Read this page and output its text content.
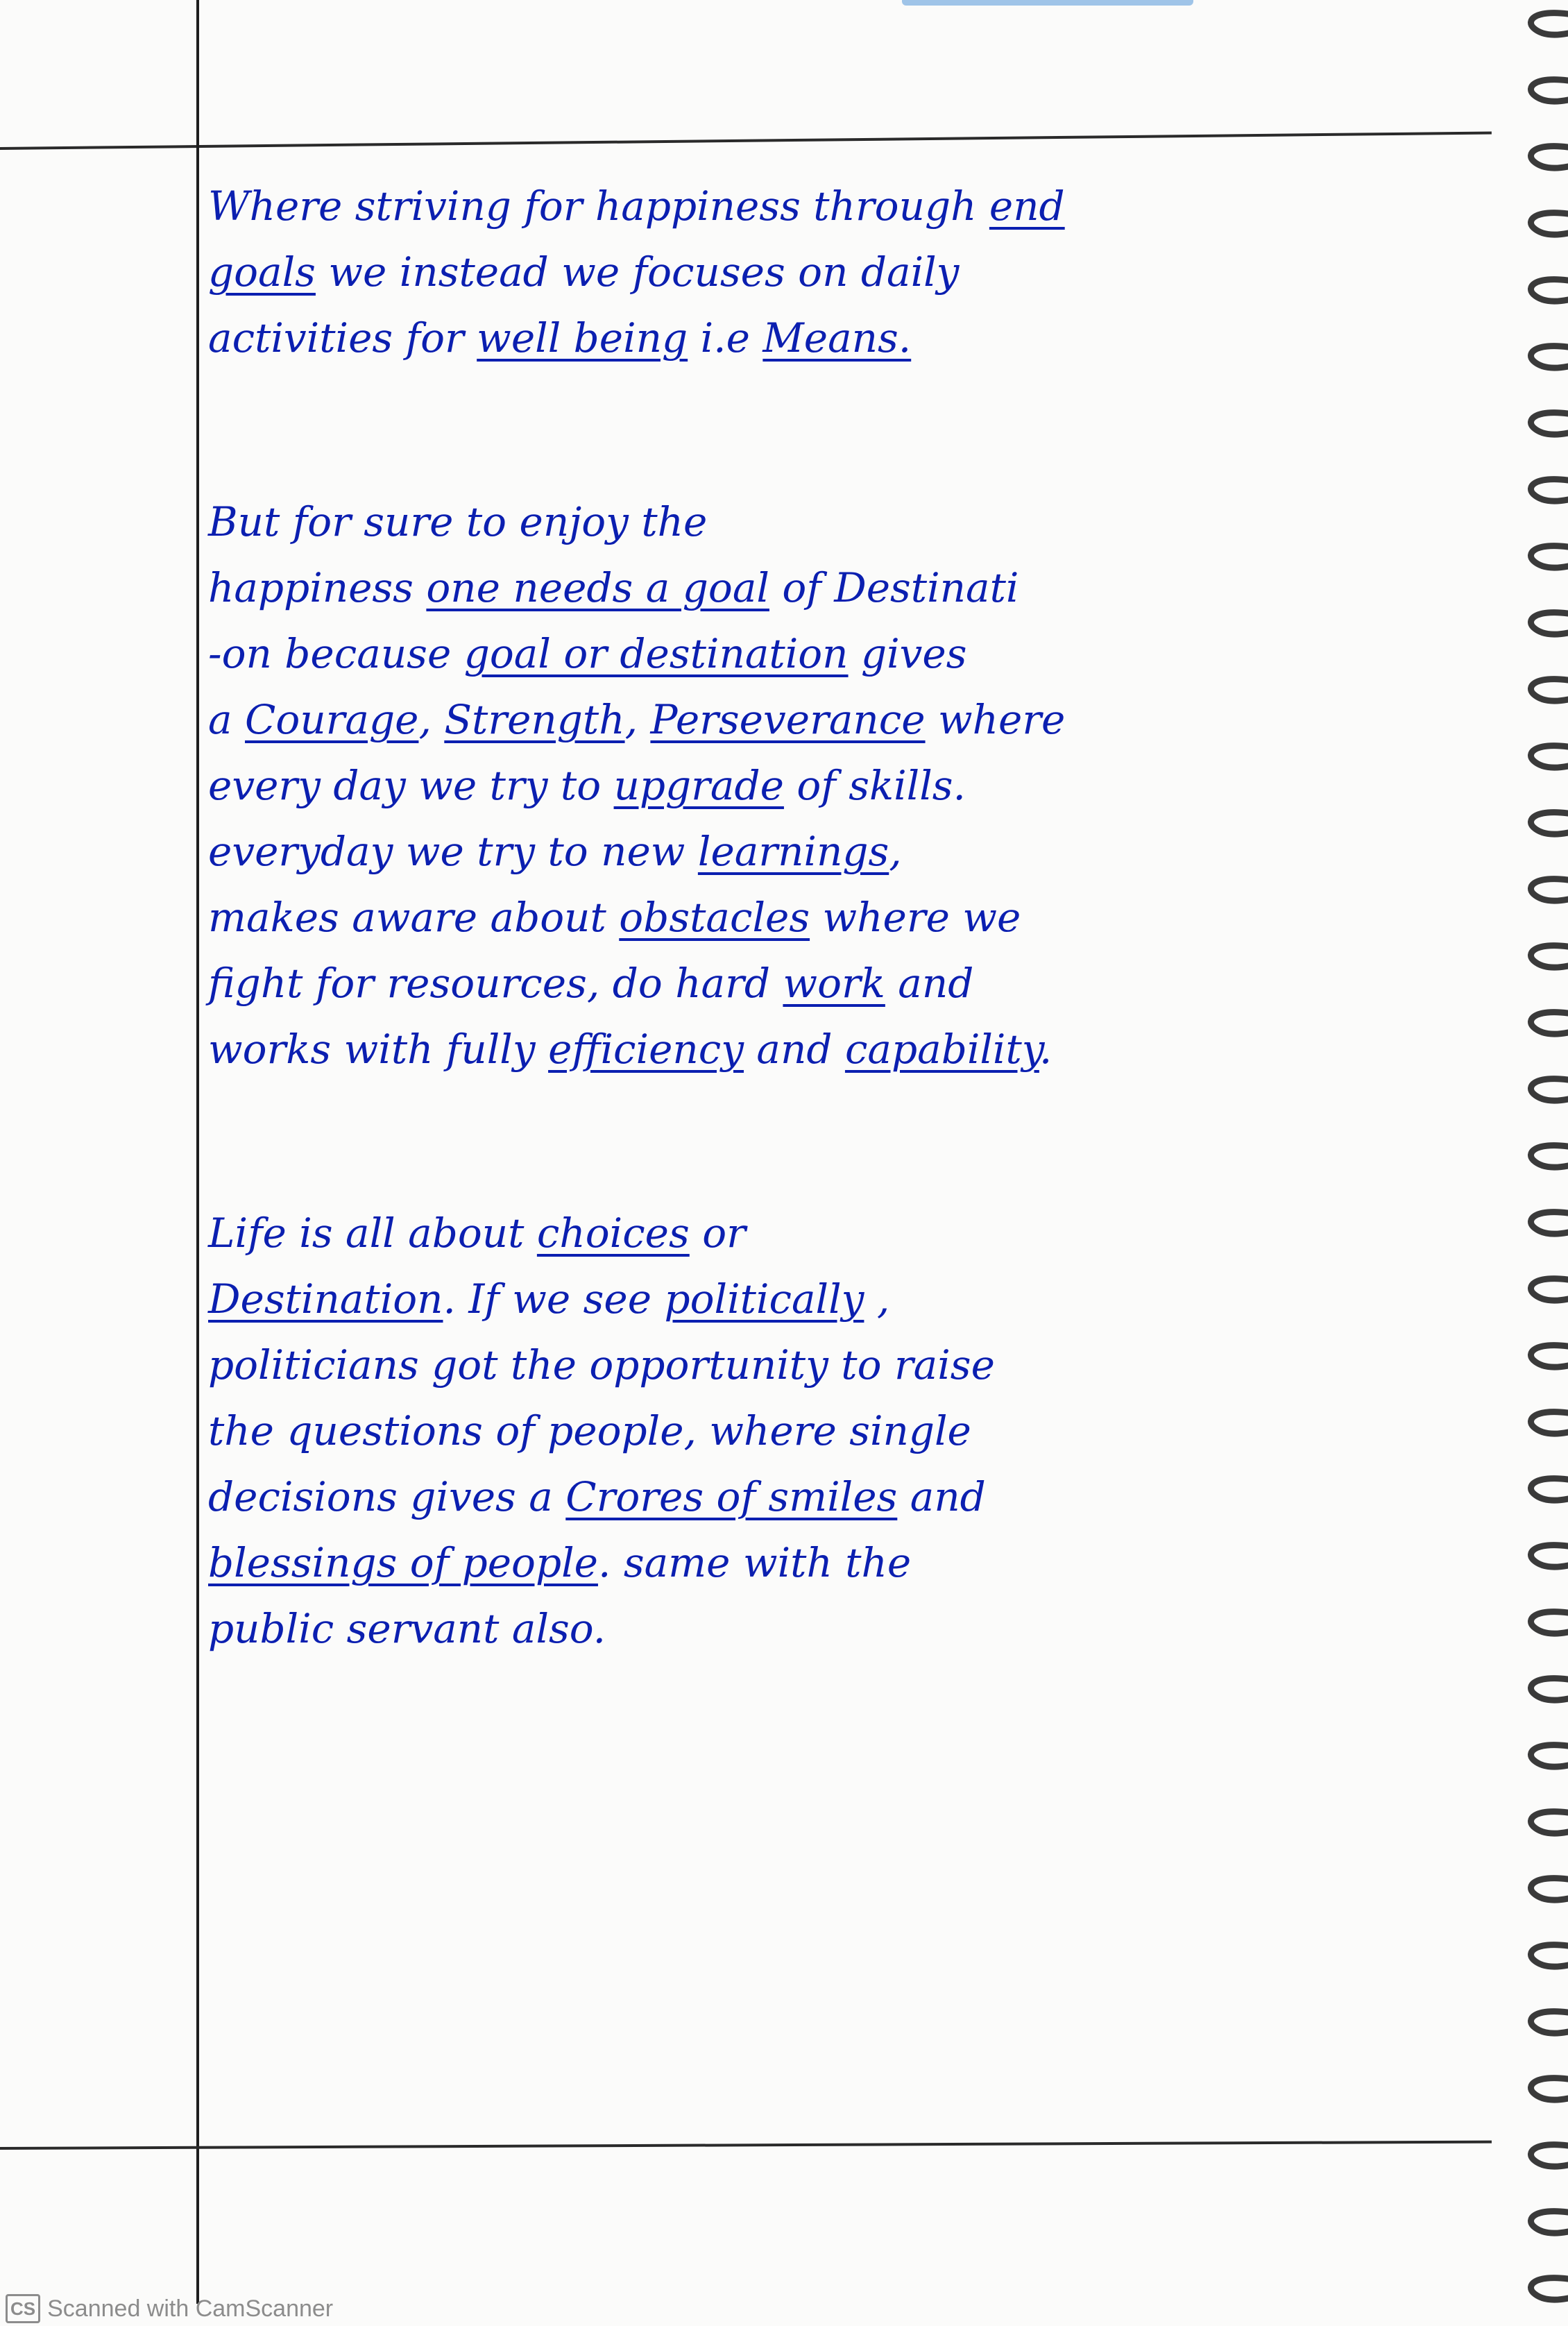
Where striving for happiness through end
goals we instead we focuses on daily
activities for well being i.e Means.
But for sure to enjoy the
happiness one needs a goal of Destinati
-on because goal or destination gives
a Courage, Strength, Perseverance where
every day we try to upgrade of skills.
everyday we try to new learnings,
makes aware about obstacles where we
fight for resources, do hard work and
works with fully efficiency and capability.
Life is all about choices or
Destination. If we see politically ,
politicians got the opportunity to raise
the questions of people, where single
decisions gives a Crores of smiles and
blessings of people. same with the
public servant also.
CS Scanned with CamScanner
